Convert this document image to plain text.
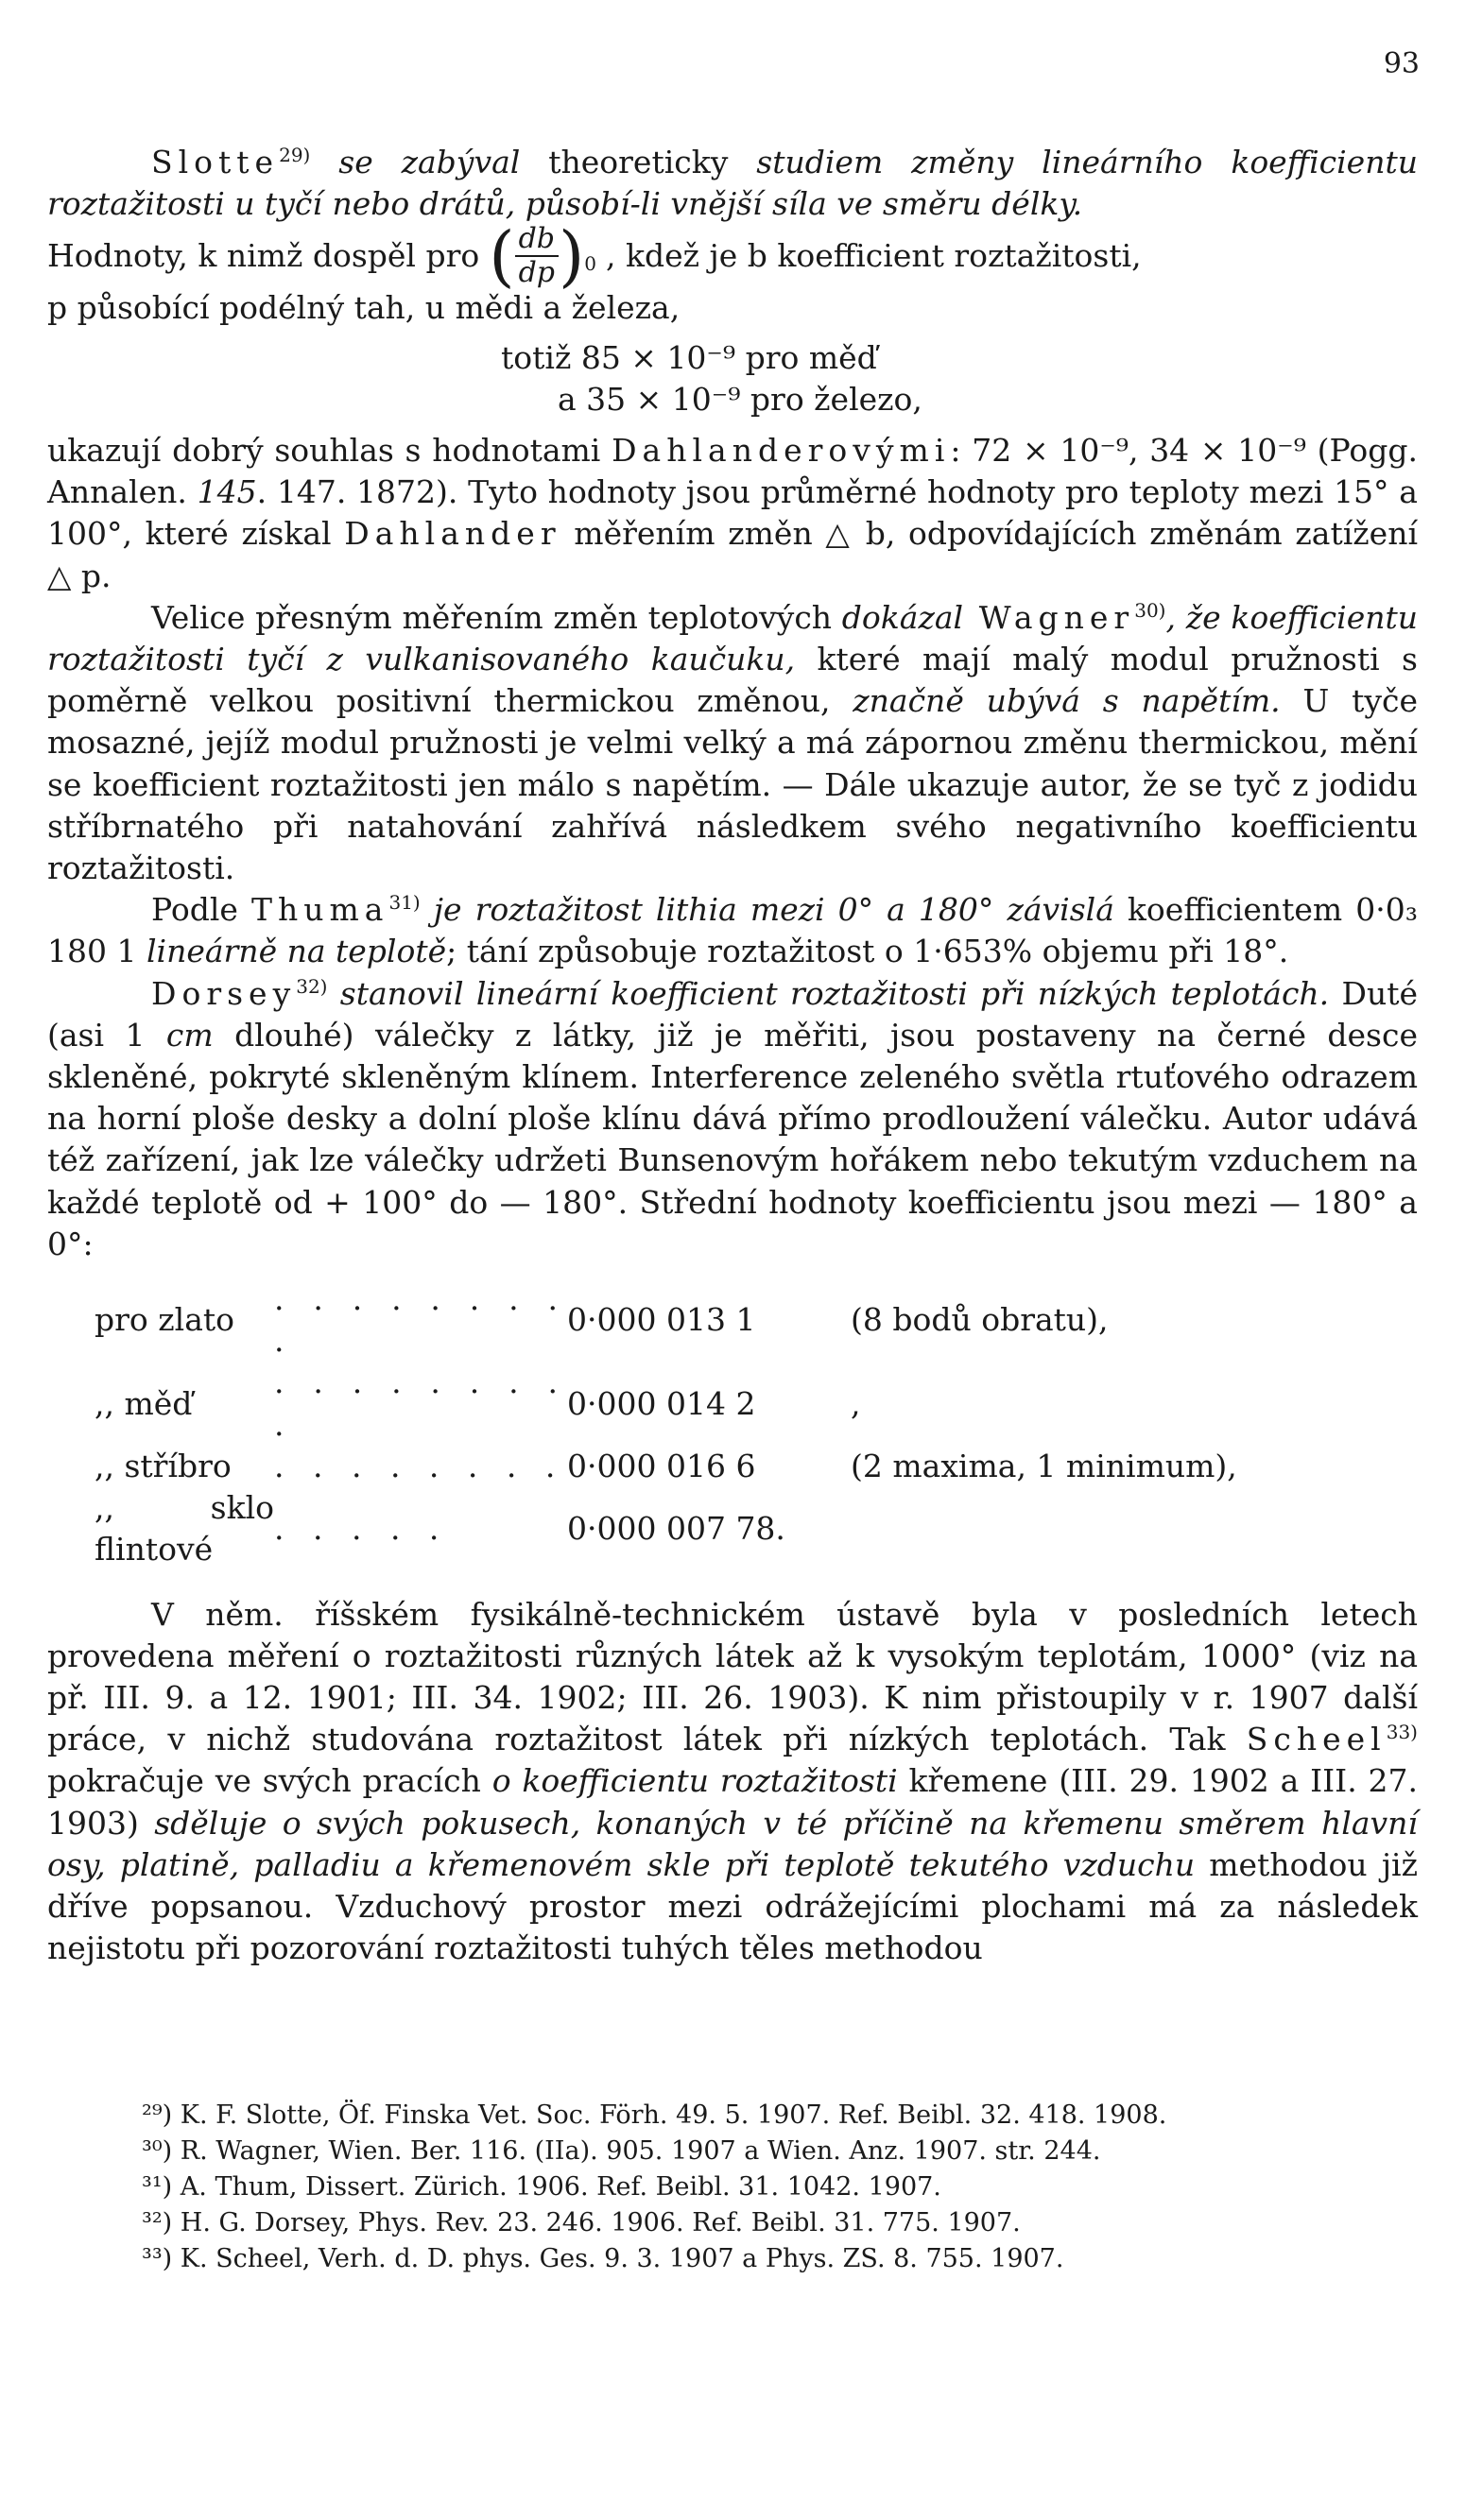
93

Slotte$^{29)}$ se zabýval theoreticky studiem změny lineárního koefficientu roztažitosti u tyčí nebo drátů, působí-li vnější síla ve směru délky.

Hodnoty, k nimž dospěl pro ( $\frac{db}{dp}$ ) 0 , kdež je b koefficient roztažitosti,

p působící podélný tah, u mědi a železa,

totiž 85 × 10⁻⁹ pro měď

a 35 × 10⁻⁹ pro železo,

ukazují dobrý souhlas s hodnotami Dahlanderovými: 72 × 10⁻⁹, 34 × 10⁻⁹ (Pogg. Annalen. 145. 147. 1872). Tyto hodnoty jsou průměrné hodnoty pro teploty mezi 15° a 100°, které získal Dahlander měřením změn △ b, odpovídajících změnám zatížení △ p.

Velice přesným měřením změn teplotových dokázal Wagner$^{30)}$, že koefficientu roztažitosti tyčí z vulkanisovaného kaučuku, které mají malý modul pružnosti s poměrně velkou positivní thermickou změnou, značně ubývá s napětím. U tyče mosazné, jejíž modul pružnosti je velmi velký a má zápornou změnu thermickou, mění se koefficient roztažitosti jen málo s napětím. — Dále ukazuje autor, že se tyč z jodidu stříbrnatého při natahování zahřívá následkem svého negativního koefficientu roztažitosti.

Podle Thuma$^{31)}$ je roztažitost lithia mezi 0° a 180° závislá koefficientem 0·0₃ 180 1 lineárně na teplotě; tání způsobuje roztažitost o 1·653% objemu při 18°.

Dorsey$^{32)}$ stanovil lineární koefficient roztažitosti při nízkých teplotách. Duté (asi 1 cm dlouhé) válečky z látky, již je měřiti, jsou postaveny na černé desce skleněné, pokryté skleněným klínem. Interference zeleného světla rtuťového odrazem na horní ploše desky a dolní ploše klínu dává přímo prodloužení válečku. Autor udává též zařízení, jak lze válečky udržeti Bunsenovým hořákem nebo tekutým vzduchem na každé teplotě od + 100° do — 180°. Střední hodnoty koefficientu jsou mezi — 180° a 0°:

pro zlato	. . . . . . . . .	0·000 013 1	(8 bodů obratu),
,, měď	. . . . . . . . .	0·000 014 2	,
,, stříbro	. . . . . . . .	0·000 016 6	(2 maxima, 1 minimum),
,, sklo flintové	. . . . .	0·000 007 78.	

V něm. říšském fysikálně-technickém ústavě byla v posledních letech provedena měření o roztažitosti různých látek až k vysokým teplotám, 1000° (viz na př. III. 9. a 12. 1901; III. 34. 1902; III. 26. 1903). K nim přistoupily v r. 1907 další práce, v nichž studována roztažitost látek při nízkých teplotách. Tak Scheel$^{33)}$ pokračuje ve svých pracích o koefficientu roztažitosti křemene (III. 29. 1902 a III. 27. 1903) sděluje o svých pokusech, konaných v té příčině na křemenu směrem hlavní osy, platině, palladiu a křemenovém skle při teplotě tekutého vzduchu methodou již dříve popsanou. Vzduchový prostor mezi odrážejícími plochami má za následek nejistotu při pozorování roztažitosti tuhých těles methodou

²⁹) K. F. Slotte, Öf. Finska Vet. Soc. Förh. 49. 5. 1907. Ref. Beibl. 32. 418. 1908.

³⁰) R. Wagner, Wien. Ber. 116. (IIa). 905. 1907 a Wien. Anz. 1907. str. 244.

³¹) A. Thum, Dissert. Zürich. 1906. Ref. Beibl. 31. 1042. 1907.

³²) H. G. Dorsey, Phys. Rev. 23. 246. 1906. Ref. Beibl. 31. 775. 1907.

³³) K. Scheel, Verh. d. D. phys. Ges. 9. 3. 1907 a Phys. ZS. 8. 755. 1907.
